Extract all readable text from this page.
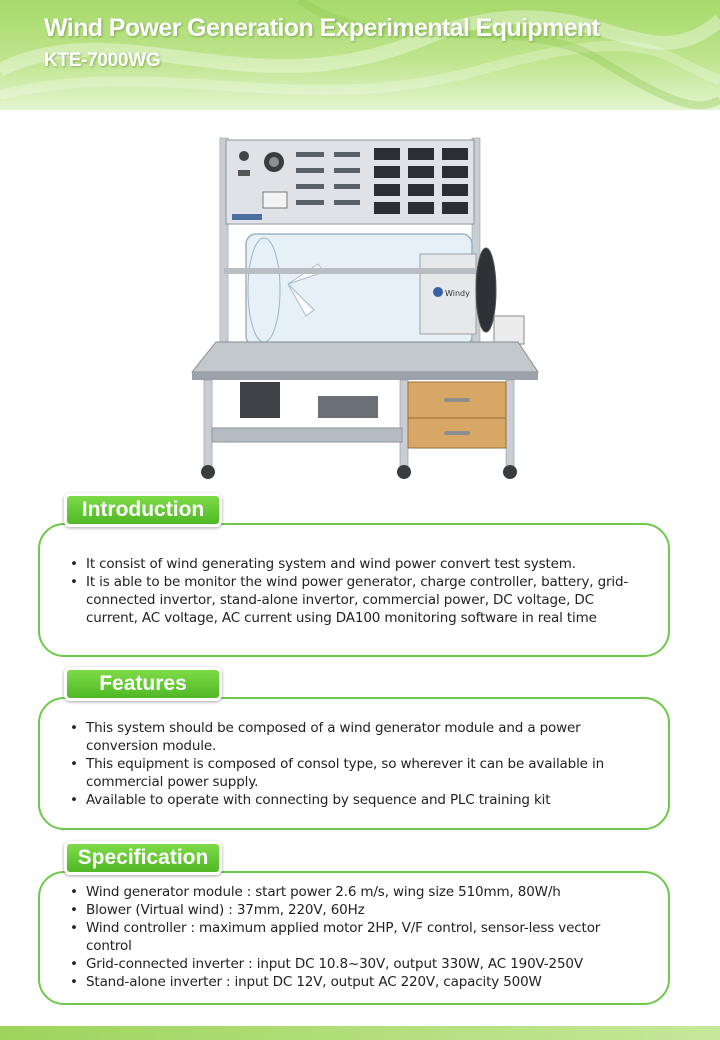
Wind Power Generation Experimental Equipment
KTE-7000WG
Windy
• It consist of wind generating system and wind power convert test system.
• It is able to be monitor the wind power generator, charge controller, battery, grid-connected invertor, stand-alone invertor, commercial power, DC voltage, DC current, AC voltage, AC current using DA100 monitoring software in real time
Introduction
• This system should be composed of a wind generator module and a power conversion module.
• This equipment is composed of consol type, so wherever it can be available in commercial power supply.
• Available to operate with connecting by sequence and PLC training kit
Features
• Wind generator module : start power 2.6 m/s, wing size 510mm, 80W/h
• Blower (Virtual wind) : 37mm, 220V, 60Hz
• Wind controller : maximum applied motor 2HP, V/F control, sensor-less vector control
• Grid-connected inverter : input DC 10.8~30V, output 330W, AC 190V-250V
• Stand-alone inverter : input DC 12V, output AC 220V, capacity 500W
Specification
